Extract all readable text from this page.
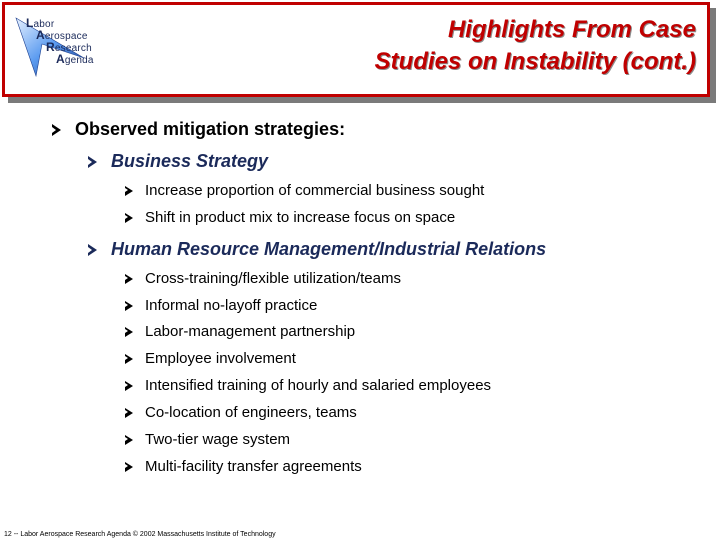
Labor
Aerospace
Research
Agenda
Highlights From Case
Studies on Instability (cont.)
Observed mitigation strategies:
Business Strategy
Increase proportion of commercial business sought
Shift in product mix to increase focus on space
Human Resource Management/Industrial Relations
Cross-training/flexible utilization/teams
Informal no-layoff practice
Labor-management partnership
Employee involvement
Intensified training of hourly and salaried employees
Co-location of engineers, teams
Two-tier wage system
Multi-facility transfer agreements
12 -- Labor Aerospace Research Agenda © 2002 Massachusetts Institute of Technology
